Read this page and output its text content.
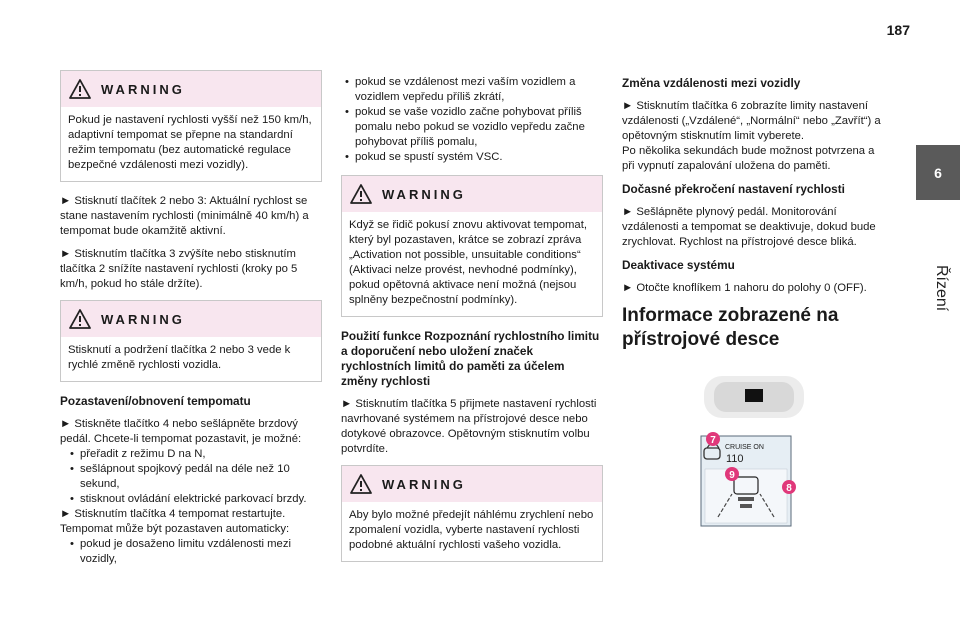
187
6
Řízení
WARNING
Pokud je nastavení rychlosti vyšší než 150 km/h, adaptivní tempomat se přepne na standardní režim tempomatu (bez automatické regulace bezpečné vzdálenosti mezi vozidly).
► Stisknutí tlačítek 2 nebo 3: Aktuální rychlost se stane nastavením rychlosti (minimálně 40 km/h) a tempomat bude okamžitě aktivní.
► Stisknutím tlačítka 3 zvýšíte nebo stisknutím tlačítka 2 snížíte nastavení rychlosti (kroky po 5 km/h, pokud ho stále držíte).
WARNING
Stisknutí a podržení tlačítka 2 nebo 3 vede k rychlé změně rychlosti vozidla.
Pozastavení/obnovení tempomatu
► Stiskněte tlačítko 4 nebo sešlápněte brzdový pedál. Chcete-li tempomat pozastavit, je možné:
• přeřadit z režimu D na N,
• sešlápnout spojkový pedál na déle než 10 sekund,
• stisknout ovládání elektrické parkovací brzdy.
► Stisknutím tlačítka 4 tempomat restartujte.
Tempomat může být pozastaven automaticky:
• pokud je dosaženo limitu vzdálenosti mezi vozidly,
• pokud se vzdálenost mezi vaším vozidlem a vozidlem vepředu příliš zkrátí,
• pokud se vaše vozidlo začne pohybovat příliš pomalu nebo pokud se vozidlo vepředu začne pohybovat příliš pomalu,
• pokud se spustí systém VSC.
WARNING
Když se řidič pokusí znovu aktivovat tempomat, který byl pozastaven, krátce se zobrazí zpráva „Activation not possible, unsuitable conditions“ (Aktivaci nelze provést, nevhodné podmínky), pokud opětovná aktivace není možná (nejsou splněny bezpečnostní podmínky).
Použití funkce Rozpoznání rychlostního limitu a doporučení nebo uložení značek rychlostních limitů do paměti za účelem změny rychlosti
► Stisknutím tlačítka 5 přijmete nastavení rychlosti navrhované systémem na přístrojové desce nebo dotykové obrazovce. Opětovným stisknutím volbu potvrdíte.
WARNING
Aby bylo možné předejít náhlému zrychlení nebo zpomalení vozidla, vyberte nastavení rychlosti podobné aktuální rychlosti vašeho vozidla.
Změna vzdálenosti mezi vozidly
► Stisknutím tlačítka 6 zobrazíte limity nastavení vzdálenosti („Vzdálené“, „Normální“ nebo „Zavřít“) a opětovným stisknutím limit vyberete.
Po několika sekundách bude možnost potvrzena a při vypnutí zapalování uložena do paměti.
Dočasné překročení nastavení rychlosti
► Sešlápněte plynový pedál. Monitorování vzdálenosti a tempomat se deaktivuje, dokud bude zrychlovat. Rychlost na přístrojové desce bliká.
Deaktivace systému
► Otočte knoflíkem 1 nahoru do polohy 0 (OFF).
Informace zobrazené na přístrojové desce
CRUISE ON
110
7
9
8
